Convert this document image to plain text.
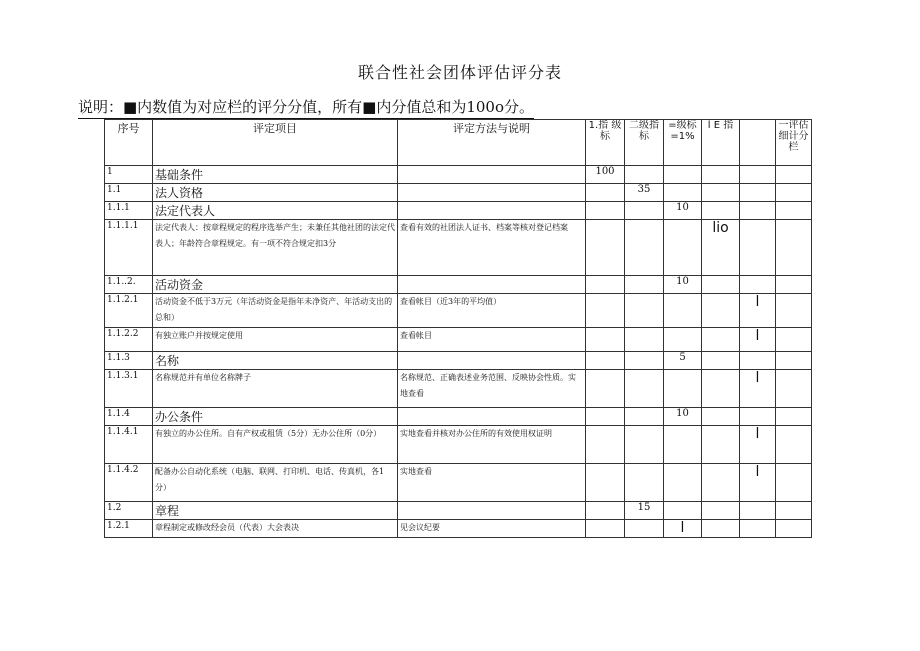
联合性社会团体评估评分表
说明：■内数值为对应栏的评分分值，所有■内分值总和为100o分。
序号	评定项目	评定方法与说明	1.指 级标	二级指标	=级标=1%	l E 指		一评估细计分栏
1	基础条件		100					
1.1	法人资格			35				
1.1.1	法定代表人				10			
1.1.1.1	法定代表人：按章程规定的程序选举产生；未兼任其他社团的法定代表人；年龄符合章程规定。有一项不符合规定扣3分	查看有效的社团法人证书、档案等核对登记档案				lio		
1.1..2.	活动资金				10			
1.1.2.1	活动资金不低于3万元（年活动资金是指年未净资产、年活动支出的总和）	查看帐目（近3年的平均值）					l	
1.1.2.2	有独立账户并按规定使用	查看帐目					l	
1.1.3	名称				5			
1.1.3.1	名称规范并有单位名称牌子	名称规范、正确表述业务范围、反映协会性质。实地查看					l	
1.1.4	办公条件				10			
1.1.4.1	有独立的办公住所。自有产权或租赁（5分）无办公住所（0分）	实地查看并核对办公住所的有效使用权证明					l	
1.1.4.2	配备办公自动化系统（电脑、联网、打印机、电话、传真机，各1分）	实地查看					l	
1.2	章程			15				
1.2.1	章程制定或修改经会员（代表）大会表决	见会议纪要			l			
